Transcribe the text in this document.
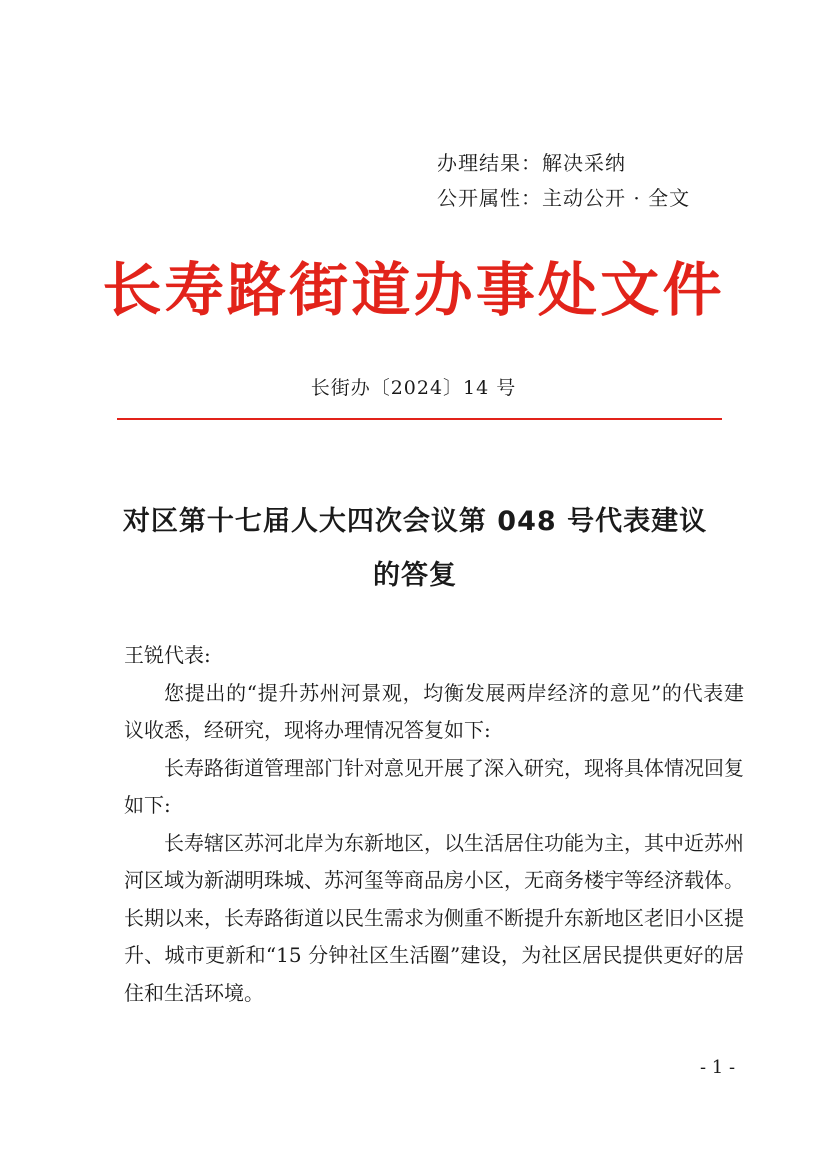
办理结果：解决采纳
公开属性：主动公开 · 全文
长寿路街道办事处文件
长街办〔2024〕14 号
对区第十七届人大四次会议第 048 号代表建议
的答复

王锐代表:

您提出的“提升苏州河景观，均衡发展两岸经济的意见”的代表建议收悉，经研究，现将办理情况答复如下:

长寿路街道管理部门针对意见开展了深入研究，现将具体情况回复如下:

长寿辖区苏河北岸为东新地区，以生活居住功能为主，其中近苏州河区域为新湖明珠城、苏河玺等商品房小区，无商务楼宇等经济载体。长期以来，长寿路街道以民生需求为侧重不断提升东新地区老旧小区提升、城市更新和“15 分钟社区生活圈”建设，为社区居民提供更好的居住和生活环境。

- 1 -
